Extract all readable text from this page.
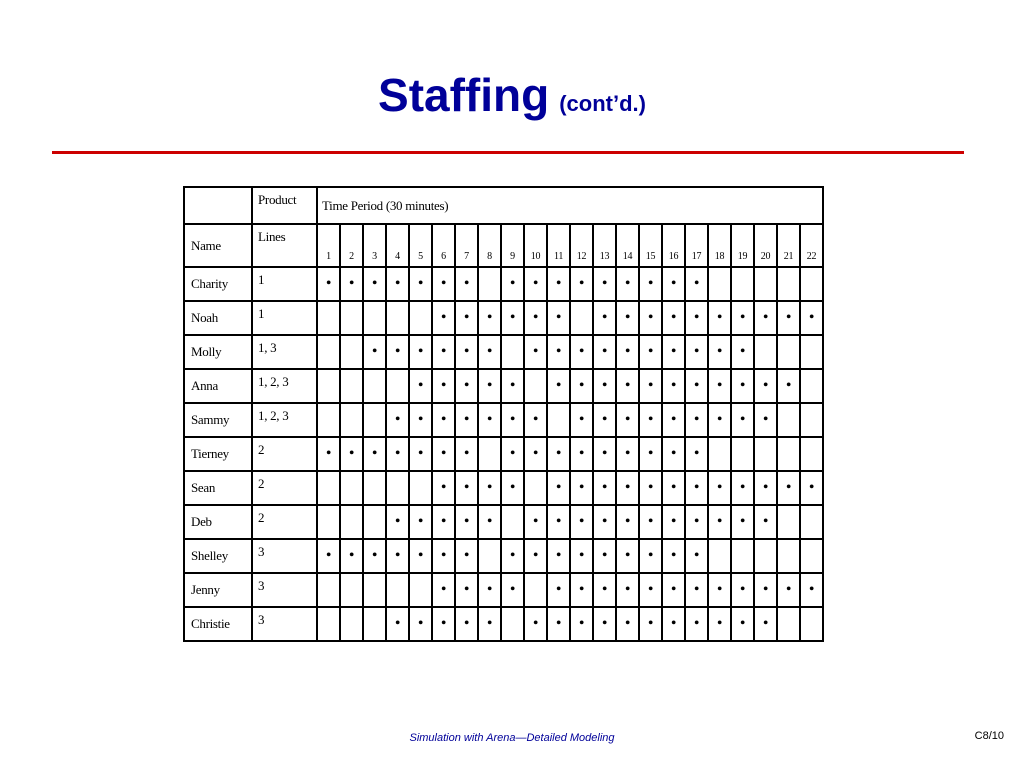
Staffing (cont’d.)
	Product	Time Period (30 minutes)																					
Name	Lines	1	2	3	4	5	6	7	8	9	10	11	12	13	14	15	16	17	18	19	20	21	22
Charity	1	•	•	•	•	•	•	•		•	•	•	•	•	•	•	•	•					
Noah	1						•	•	•	•	•	•		•	•	•	•	•	•	•	•	•	•
Molly	1, 3			•	•	•	•	•	•		•	•	•	•	•	•	•	•	•	•			
Anna	1, 2, 3					•	•	•	•	•		•	•	•	•	•	•	•	•	•	•	•	
Sammy	1, 2, 3				•	•	•	•	•	•	•		•	•	•	•	•	•	•	•	•		
Tierney	2	•	•	•	•	•	•	•		•	•	•	•	•	•	•	•	•					
Sean	2						•	•	•	•		•	•	•	•	•	•	•	•	•	•	•	•
Deb	2				•	•	•	•	•		•	•	•	•	•	•	•	•	•	•	•		
Shelley	3	•	•	•	•	•	•	•		•	•	•	•	•	•	•	•	•					
Jenny	3						•	•	•	•		•	•	•	•	•	•	•	•	•	•	•	•
Christie	3				•	•	•	•	•		•	•	•	•	•	•	•	•	•	•	•		
Simulation with Arena—Detailed Modeling	C8/10
